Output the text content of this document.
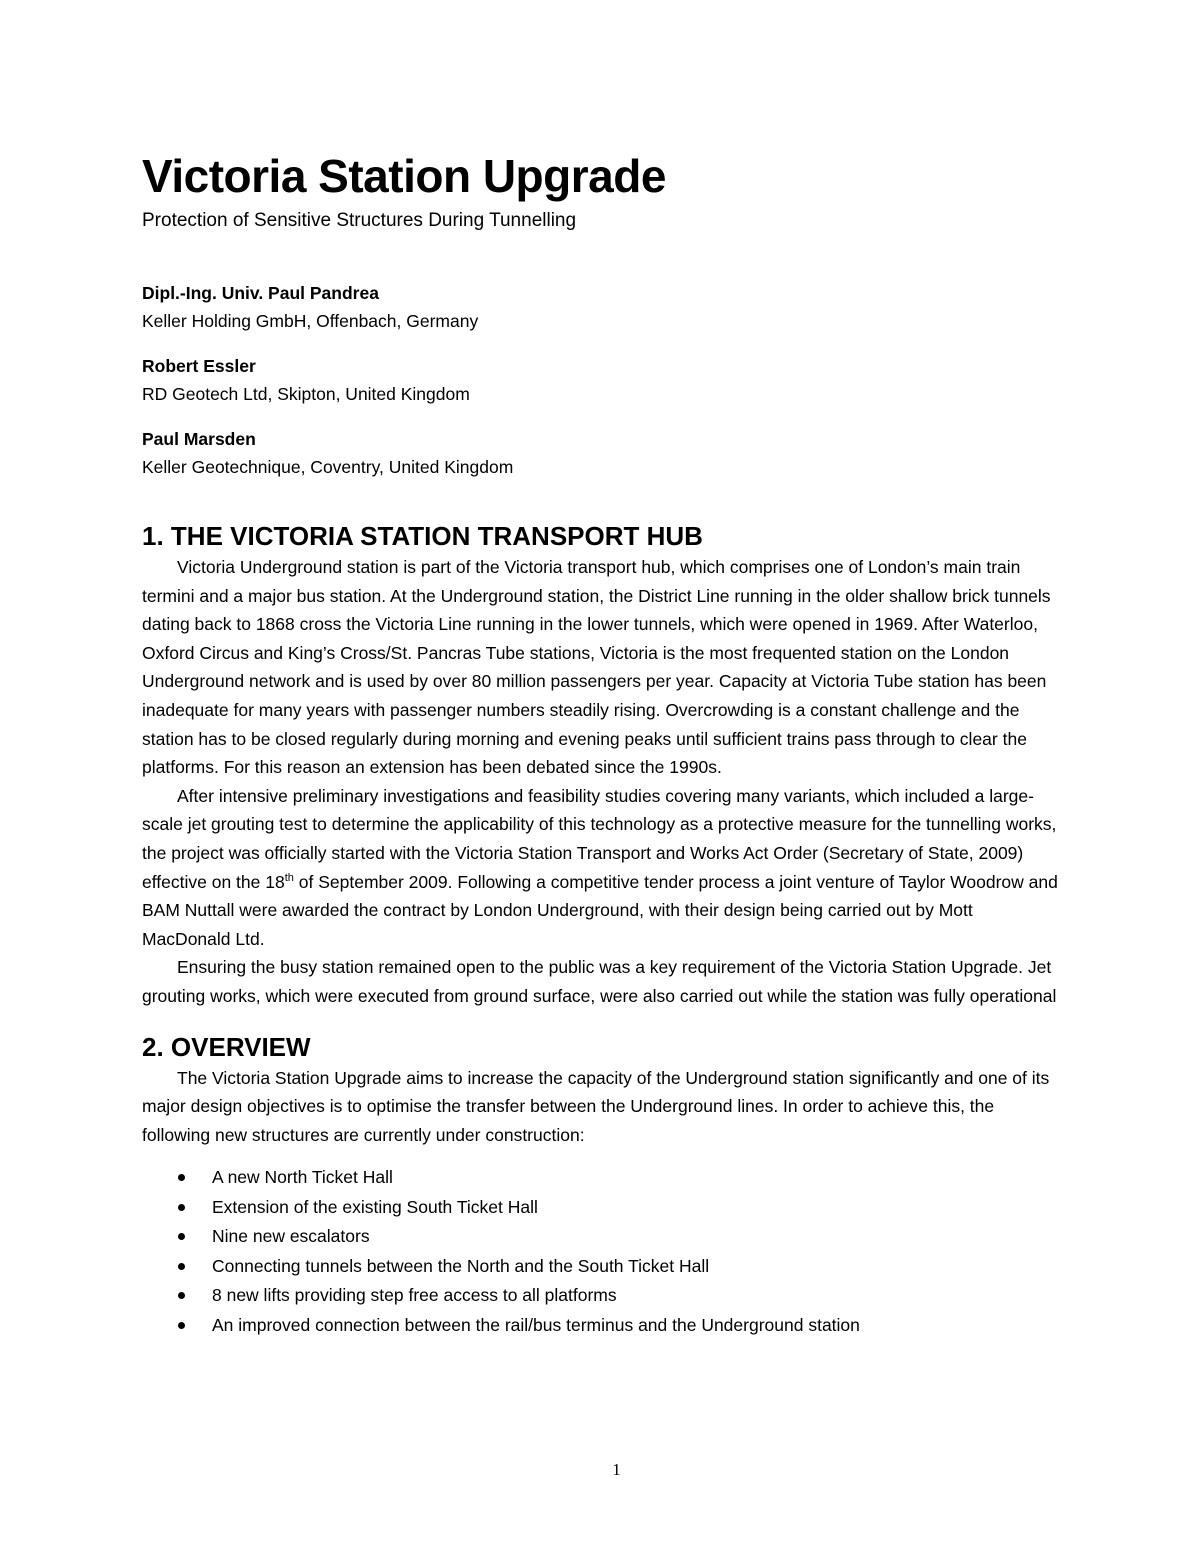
Victoria Station Upgrade

Protection of Sensitive Structures During Tunnelling

Dipl.-Ing. Univ. Paul Pandrea

Keller Holding GmbH, Offenbach, Germany

Robert Essler

RD Geotech Ltd, Skipton, United Kingdom

Paul Marsden

Keller Geotechnique, Coventry, United Kingdom

1. THE VICTORIA STATION TRANSPORT HUB

Victoria Underground station is part of the Victoria transport hub, which comprises one of London’s main train termini and a major bus station. At the Underground station, the District Line running in the older shallow brick tunnels dating back to 1868 cross the Victoria Line running in the lower tunnels, which were opened in 1969. After Waterloo, Oxford Circus and King’s Cross/St. Pancras Tube stations, Victoria is the most frequented station on the London Underground network and is used by over 80 million passengers per year. Capacity at Victoria Tube station has been inadequate for many years with passenger numbers steadily rising. Overcrowding is a constant challenge and the station has to be closed regularly during morning and evening peaks until sufficient trains pass through to clear the platforms. For this reason an extension has been debated since the 1990s.

After intensive preliminary investigations and feasibility studies covering many variants, which included a large-scale jet grouting test to determine the applicability of this technology as a protective measure for the tunnelling works, the project was officially started with the Victoria Station Transport and Works Act Order (Secretary of State, 2009) effective on the 18th of September 2009. Following a competitive tender process a joint venture of Taylor Woodrow and BAM Nuttall were awarded the contract by London Underground, with their design being carried out by Mott MacDonald Ltd.

Ensuring the busy station remained open to the public was a key requirement of the Victoria Station Upgrade. Jet grouting works, which were executed from ground surface, were also carried out while the station was fully operational

2. OVERVIEW

The Victoria Station Upgrade aims to increase the capacity of the Underground station significantly and one of its major design objectives is to optimise the transfer between the Underground lines. In order to achieve this, the following new structures are currently under construction:

A new North Ticket Hall
Extension of the existing South Ticket Hall
Nine new escalators
Connecting tunnels between the North and the South Ticket Hall
8 new lifts providing step free access to all platforms
An improved connection between the rail/bus terminus and the Underground station
1
